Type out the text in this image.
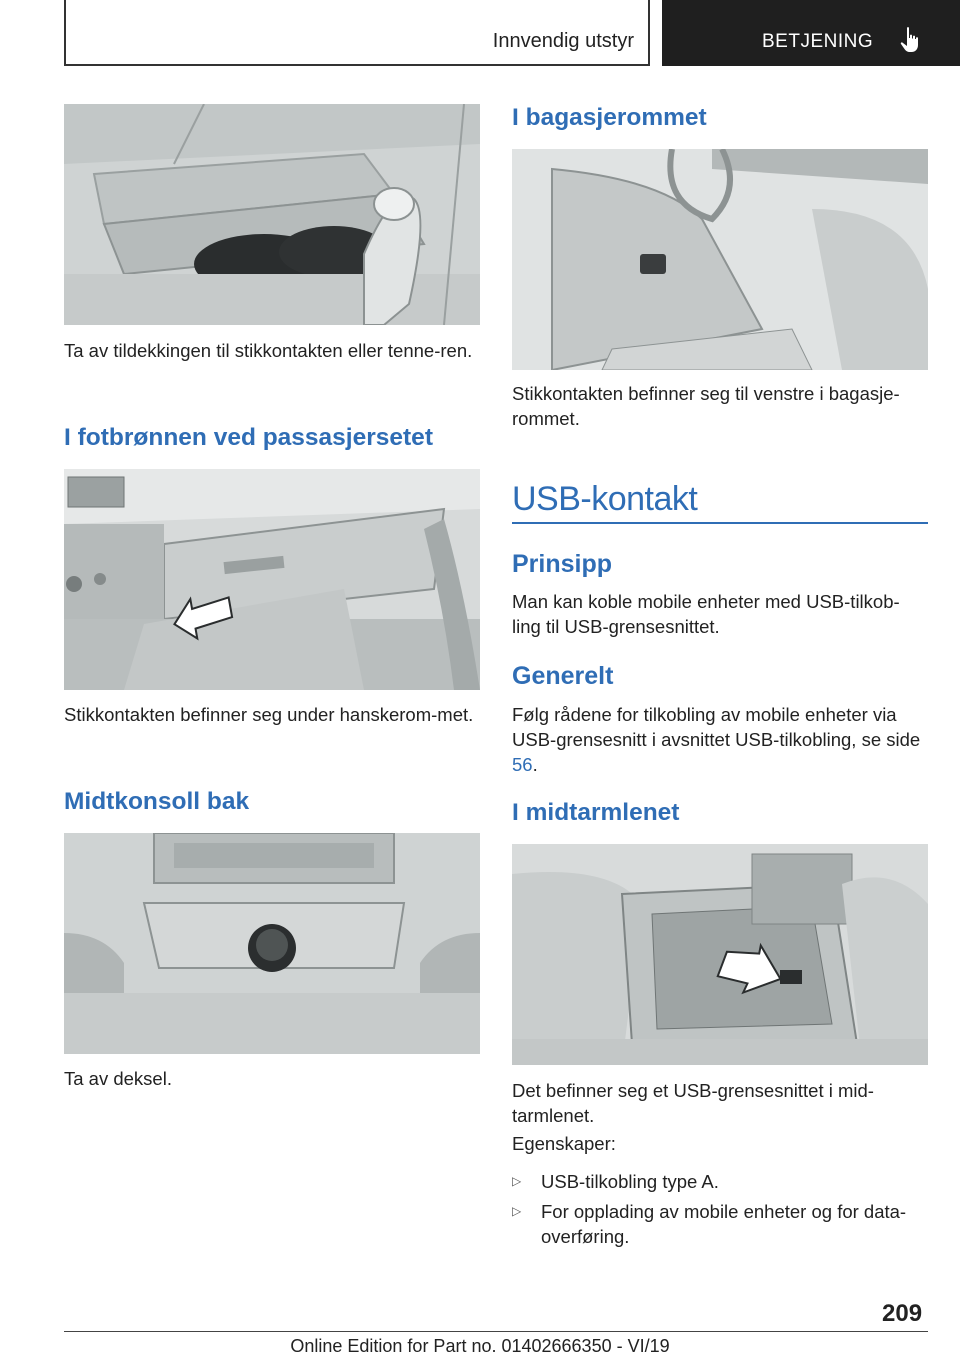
Innvendig utstyr	BETJENING

Ta av tildekkingen til stikkontakten eller tenne-ren.

I fotbrønnen ved passasjersetet

Stikkontakten befinner seg under hanskerom-met.

Midtkonsoll bak

Ta av deksel.

I bagasjerommet

Stikkontakten befinner seg til venstre i bagasje-rommet.

USB-kontakt
Prinsipp

Man kan koble mobile enheter med USB-tilkob-ling til USB-grensesnittet.

Generelt

Følg rådene for tilkobling av mobile enheter via USB-grensesnitt i avsnittet USB-tilkobling, se side 56.

I midtarmlenet

Det befinner seg et USB-grensesnittet i mid-tarmlenet.

Egenskaper:

▷ USB-tilkobling type A.
▷ For opplading av mobile enheter og for data-overføring.
209
Online Edition for Part no. 01402666350 - VI/19
